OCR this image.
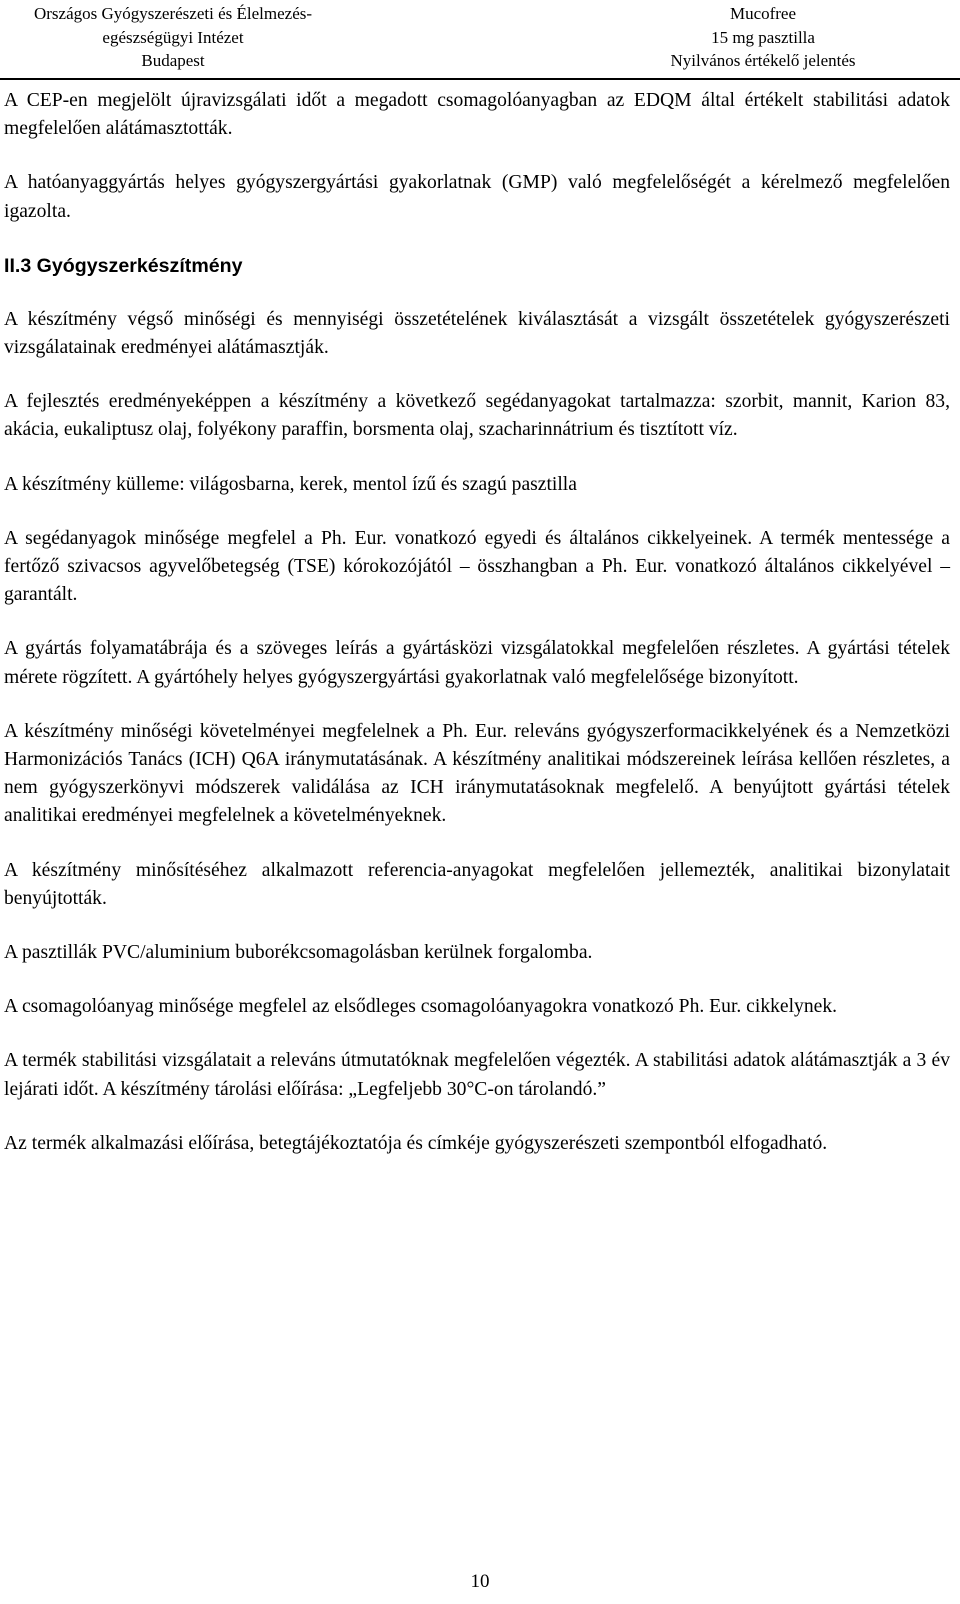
Országos Gyógyszerészeti és Élelmezés-
egészségügyi Intézet
Budapest
Mucofree
15 mg pasztilla
Nyilvános értékelő jelentés

A CEP-en megjelölt újravizsgálati időt a megadott csomagolóanyagban az EDQM által értékelt stabilitási adatok megfelelően alátámasztották.

A hatóanyaggyártás helyes gyógyszergyártási gyakorlatnak (GMP) való megfelelőségét a kérelmező megfelelően igazolta.

II.3 Gyógyszerkészítmény

A készítmény végső minőségi és mennyiségi összetételének kiválasztását a vizsgált összetételek gyógyszerészeti vizsgálatainak eredményei alátámasztják.

A fejlesztés eredményeképpen a készítmény a következő segédanyagokat tartalmazza: szorbit, mannit, Karion 83, akácia, eukaliptusz olaj, folyékony paraffin, borsmenta olaj, szacharinnátrium és tisztított víz.

A készítmény külleme: világosbarna, kerek, mentol ízű és szagú pasztilla

A segédanyagok minősége megfelel a Ph. Eur. vonatkozó egyedi és általános cikkelyeinek. A termék mentessége a fertőző szivacsos agyvelőbetegség (TSE) kórokozójától – összhangban a Ph. Eur. vonatkozó általános cikkelyével – garantált.

A gyártás folyamatábrája és a szöveges leírás a gyártásközi vizsgálatokkal megfelelően részletes. A gyártási tételek mérete rögzített. A gyártóhely helyes gyógyszergyártási gyakorlatnak való megfelelősége bizonyított.

A készítmény minőségi követelményei megfelelnek a Ph. Eur. releváns gyógyszerformacikkelyének és a Nemzetközi Harmonizációs Tanács (ICH) Q6A iránymutatásának. A készítmény analitikai módszereinek leírása kellően részletes, a nem gyógyszerkönyvi módszerek validálása az ICH iránymutatásoknak megfelelő. A benyújtott gyártási tételek analitikai eredményei megfelelnek a követelményeknek.

A készítmény minősítéséhez alkalmazott referencia-anyagokat megfelelően jellemezték, analitikai bizonylatait benyújtották.

A pasztillák PVC/aluminium buborékcsomagolásban kerülnek forgalomba.

A csomagolóanyag minősége megfelel az elsődleges csomagolóanyagokra vonatkozó Ph. Eur. cikkelynek.

A termék stabilitási vizsgálatait a releváns útmutatóknak megfelelően végezték. A stabilitási adatok alátámasztják a 3 év lejárati időt. A készítmény tárolási előírása: „Legfeljebb 30°C-on tárolandó.”

Az termék alkalmazási előírása, betegtájékoztatója és címkéje gyógyszerészeti szempontból elfogadható.

10
